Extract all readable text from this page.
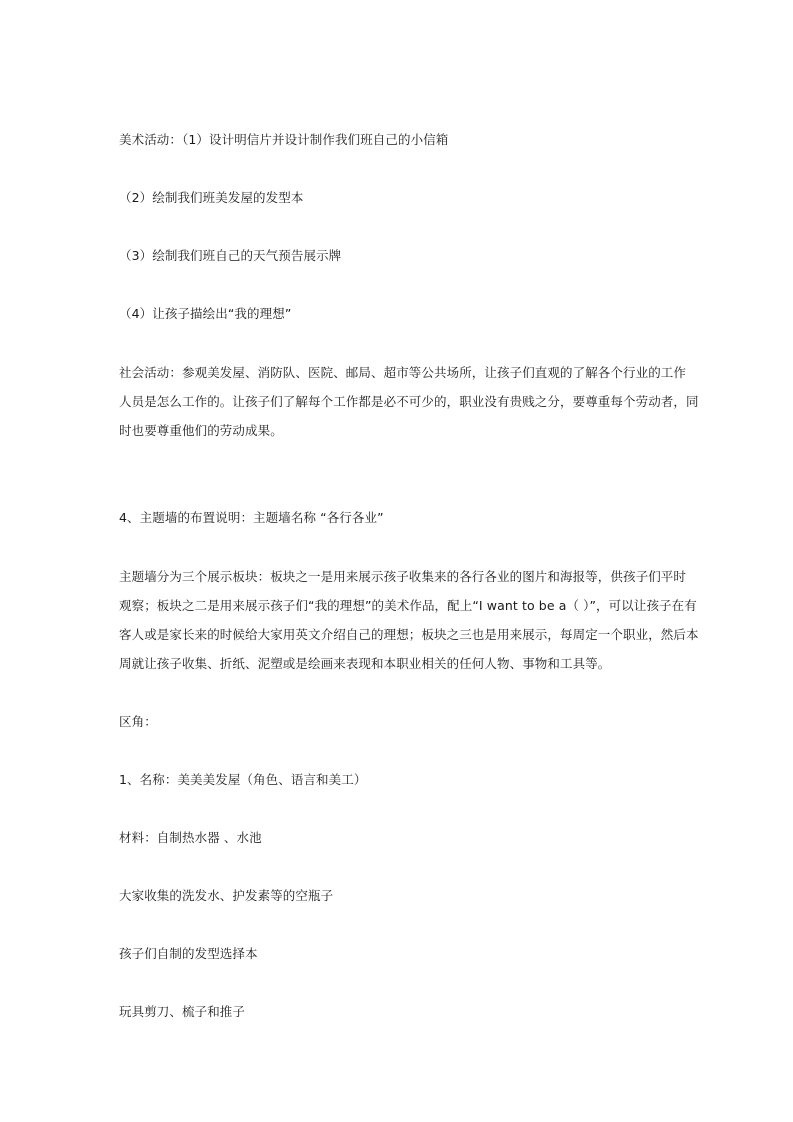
美术活动：（1）设计明信片并设计制作我们班自己的小信箱
（2）绘制我们班美发屋的发型本
（3）绘制我们班自己的天气预告展示牌
（4）让孩子描绘出“我的理想”
社会活动：参观美发屋、消防队、医院、邮局、超市等公共场所，让孩子们直观的了解各个行业的工作
人员是怎么工作的。让孩子们了解每个工作都是必不可少的，职业没有贵贱之分，要尊重每个劳动者，同
时也要尊重他们的劳动成果。
4、主题墙的布置说明：主题墙名称 “各行各业”
主题墙分为三个展示板块：板块之一是用来展示孩子收集来的各行各业的图片和海报等，供孩子们平时
观察；板块之二是用来展示孩子们“我的理想”的美术作品，配上“I want to be a（ ）”，可以让孩子在有
客人或是家长来的时候给大家用英文介绍自己的理想；板块之三也是用来展示，每周定一个职业，然后本
周就让孩子收集、折纸、泥塑或是绘画来表现和本职业相关的任何人物、事物和工具等。
区角：
1、名称：美美美发屋（角色、语言和美工）
材料：自制热水器 、水池
大家收集的洗发水、护发素等的空瓶子
孩子们自制的发型选择本
玩具剪刀、梳子和推子
